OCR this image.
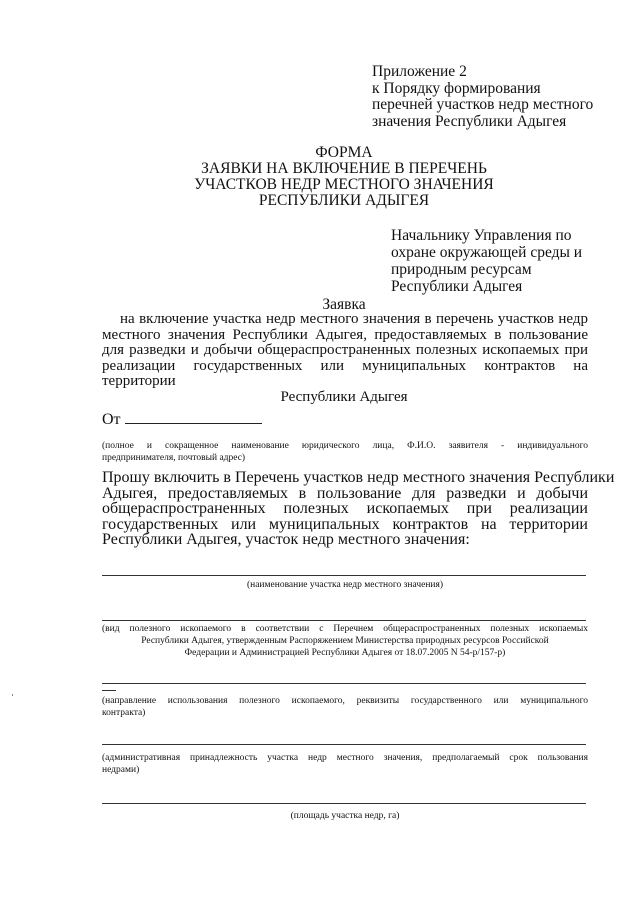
Приложение 2
к Порядку формирования
перечней участков недр местного
значения Республики Адыгея
ФОРМА
ЗАЯВКИ НА ВКЛЮЧЕНИЕ В ПЕРЕЧЕНЬ
УЧАСТКОВ НЕДР МЕСТНОГО ЗНАЧЕНИЯ
РЕСПУБЛИКИ АДЫГЕЯ
Начальнику Управления по
охране окружающей среды и
природным ресурсам
Республики Адыгея
Заявка
на включение участка недр местного значения в перечень участков недр
местного значения Республики Адыгея, предоставляемых в пользование
для разведки и добычи общераспространенных полезных ископаемых при
реализации государственных или муниципальных контрактов на
территории
Республики Адыгея
От
(полное и сокращенное наименование юридического лица, Ф.И.О. заявителя - индивидуального
предпринимателя, почтовый адрес)
Прошу включить в Перечень участков недр местного значения Республики
Адыгея, предоставляемых в пользование для разведки и добычи
общераспространенных полезных ископаемых при реализации
государственных или муниципальных контрактов на территории
Республики Адыгея, участок недр местного значения:
(наименование участка недр местного значения)
(вид полезного ископаемого в соответствии с Перечнем общераспространенных полезных ископаемых
Республики Адыгея, утвержденным Распоряжением Министерства природных ресурсов Российской
Федерации и Администрацией Республики Адыгея от 18.07.2005 N 54-р/157-р)
(направление использования полезного ископаемого, реквизиты государственного или муниципального
контракта)
(административная принадлежность участка недр местного значения, предполагаемый срок пользования
недрами)
(площадь участка недр, га)
